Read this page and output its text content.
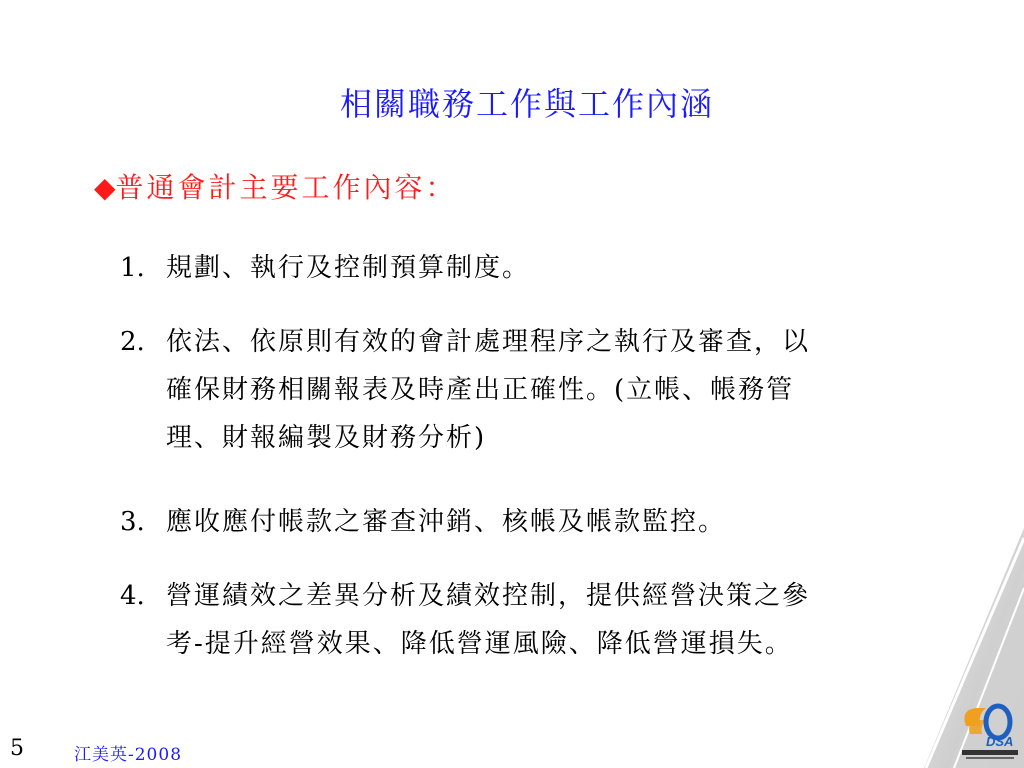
相關職務工作與工作內涵
◆普通會計主要工作內容：
1. 規劃、執行及控制預算制度。
2. 依法、依原則有效的會計處理程序之執行及審查，以
確保財務相關報表及時產出正確性。(立帳、帳務管
理、財報編製及財務分析)
3. 應收應付帳款之審查沖銷、核帳及帳款監控。
4. 營運績效之差異分析及績效控制，提供經營決策之參
考-提升經營效果、降低營運風險、降低營運損失。
5	江美英-2008
DSA
